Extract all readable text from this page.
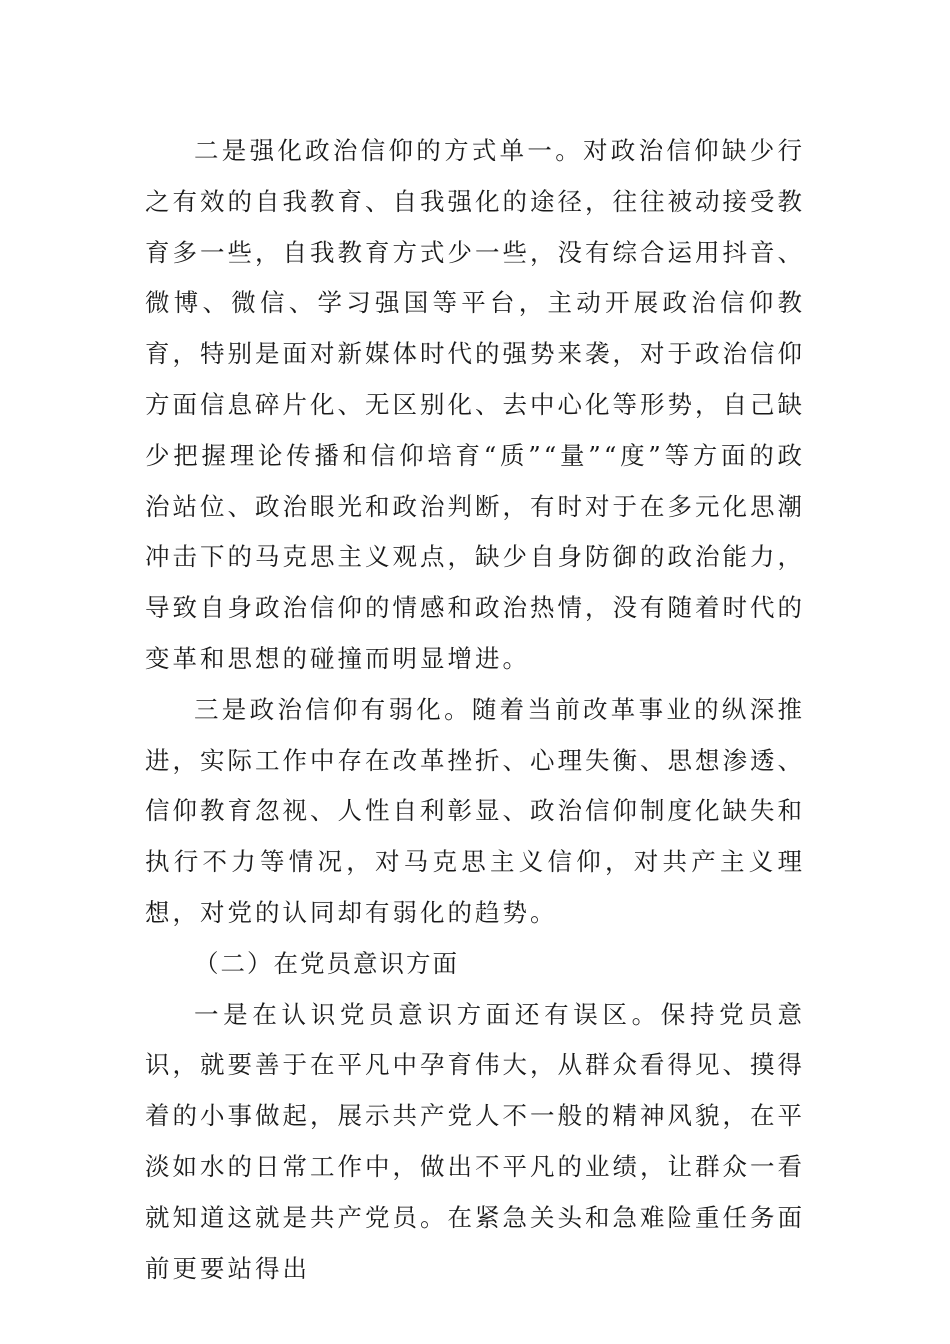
二是强化政治信仰的方式单一。对政治信仰缺少行之有效的自我教育、自我强化的途径，往往被动接受教育多一些，自我教育方式少一些，没有综合运用抖音、微博、微信、学习强国等平台，主动开展政治信仰教育，特别是面对新媒体时代的强势来袭，对于政治信仰方面信息碎片化、无区别化、去中心化等形势，自己缺少把握理论传播和信仰培育“质”“量”“度”等方面的政治站位、政治眼光和政治判断，有时对于在多元化思潮冲击下的马克思主义观点，缺少自身防御的政治能力，导致自身政治信仰的情感和政治热情，没有随着时代的变革和思想的碰撞而明显增进。

三是政治信仰有弱化。随着当前改革事业的纵深推进，实际工作中存在改革挫折、心理失衡、思想渗透、信仰教育忽视、人性自利彰显、政治信仰制度化缺失和执行不力等情况，对马克思主义信仰，对共产主义理想，对党的认同却有弱化的趋势。

（二）在党员意识方面

一是在认识党员意识方面还有误区。保持党员意识，就要善于在平凡中孕育伟大，从群众看得见、摸得着的小事做起，展示共产党人不一般的精神风貌，在平淡如水的日常工作中，做出不平凡的业绩，让群众一看就知道这就是共产党员。在紧急关头和急难险重任务面前更要站得出
